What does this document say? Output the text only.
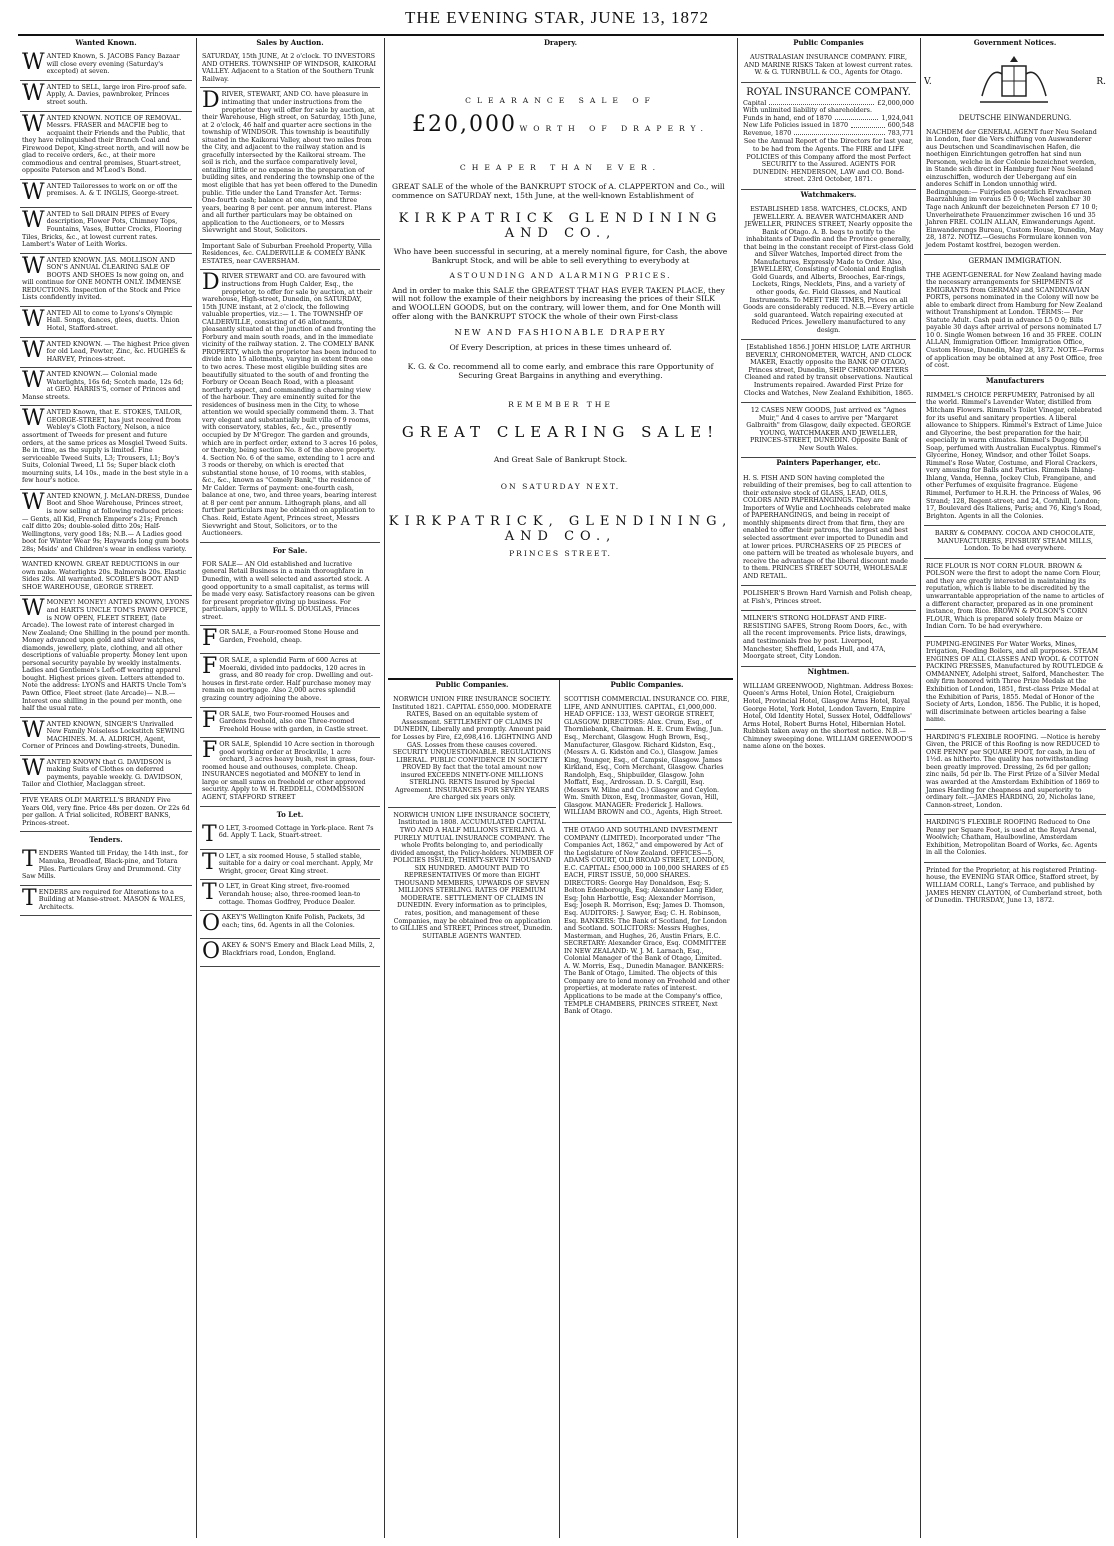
THE EVENING STAR, JUNE 13, 1872
Wanted Known.
WANTED Known, S. JACOBS Fancy Bazaar will close every evening (Saturday's excepted) at seven.
WANTED to SELL, large iron Fire-proof safe. Apply, A. Davies, pawnbroker, Princes street south.
WANTED KNOWN. NOTICE OF REMOVAL. Messrs. FRASER and MACFIE beg to acquaint their Friends and the Public, that they have relinquished their Branch Coal and Firewood Depot, King-street north, and will now be glad to receive orders, &c., at their more commodious and central premises, Stuart-street, opposite Paterson and M'Leod's Bond.
WANTED Tailoresses to work on or off the premises. A. & T. INGLIS, George-street.
WANTED to Sell DRAIN PIPES of Every description, Flower Pots, Chimney Tops, Fountains, Vases, Butter Crocks, Flooring Tiles, Bricks, &c., at lowest current rates. Lambert's Water of Leith Works.
WANTED KNOWN. JAS. MOLLISON AND SON'S ANNUAL CLEARING SALE OF BOOTS AND SHOES Is now going on, and will continue for ONE MONTH ONLY. IMMENSE REDUCTIONS. Inspection of the Stock and Price Lists confidently invited.
WANTED All to come to Lyons's Olympic Hall. Songs, dances, glees, duetts. Union Hotel, Stafford-street.
WANTED KNOWN. — The highest Price given for old Lead, Pewter, Zinc, &c. HUGHES & HARVEY, Princes-street.
WANTED KNOWN.— Colonial made Waterlights, 16s 6d; Scotch made, 12s 6d; at GEO. HARRIS'S, corner of Princes and Manse streets.
WANTED Known, that E. STOKES, TAILOR, GEORGE-STREET, has just received from Webley's Cloth Factory, Nelson, a nice assortment of Tweeds for present and future orders, at the same prices as Mosgiel Tweed Suits. Be in time, as the supply is limited. Fine serviceable Tweed Suits, L3; Trousers, L1; Boy's Suits, Colonial Tweed, L1 5s; Super black cloth mourning suits, L4 10s., made in the best style in a few hour's notice.
WANTED KNOWN, J. McLAN-DRESS, Dundee Boot and Shoe Warehouse, Princes street, is now selling at following reduced prices:— Gents, all Kid, French Emperor's 21s; French calf ditto 20s; double-soled ditto 20s; Half-Wellingtons, very good 18s; N.B.— A Ladies good boot for Winter Wear 9s; Haywards long gum boots 28s; Msids' and Children's wear in endless variety.
WANTED KNOWN. GREAT REDUCTIONS in our own make. Waterlights 20s. Balmorals 20s. Elastic Sides 20s. All warranted. SCOBLE'S BOOT AND SHOE WAREHOUSE, GEORGE STREET.
WMONEY! MONEY! ANTED KNOWN, LYONS and HARTS UNCLE TOM'S PAWN OFFICE, is NOW OPEN, FLEET STREET, (late Arcade). The lowest rate of interest charged in New Zealand; One Shilling in the pound per month. Money advanced upon gold and silver watches, diamonds, jewellery, plate, clothing, and all other descriptions of valuable property. Money lent upon personal security payable by weekly instalments. Ladies and Gentlemen's Left-off wearing apparel bought. Highest prices given. Letters attended to. Note the address: LYONS and HARTS Uncle Tom's Pawn Office, Fleet street (late Arcade)— N.B.—Interest one shilling in the pound per month, one half the usual rate.
WANTED KNOWN, SINGER'S Unrivalled New Family Noiseless Lockstitch SEWING MACHINES. M. A. ALDRICH, Agent, Corner of Princes and Dowling-streets, Dunedin.
WANTED KNOWN that G. DAVIDSON is making Suits of Clothes on deferred payments, payable weekly. G. DAVIDSON, Tailor and Clothier, Maclaggan street.
FIVE YEARS OLD! MARTELL'S BRANDY Five Years Old, very fine. Price 48s per dozen. Or 22s 6d per gallon. A Trial solicited, ROBERT BANKS, Princes-street.
Tenders.
TENDERS Wanted till Friday, the 14th inst., for Manuka, Broadleaf, Black-pine, and Totara Piles. Particulars Gray and Drummond. City Saw Mills.
TENDERS are required for Alterations to a Building at Manse-street. MASON & WALES, Architects.
Sales by Auction.
SATURDAY, 15th JUNE, At 2 o'clock. TO INVESTORS AND OTHERS. TOWNSHIP OF WINDSOR, KAIKORAI VALLEY. Adjacent to a Station of the Southern Trunk Railway.
DRIVER, STEWART, AND CO. have pleasure in intimating that under instructions from the proprietor they will offer for sale by auction, at their Warehouse, High street, on Saturday, 15th June, at 2 o'clock, 46 half and quarter acre sections in the township of WINDSOR. This township is beautifully situated in the Kaikorai Valley, about two miles from the City, and adjacent to the railway station and is gracefully intersected by the Kaikorai stream. The soil is rich, and the surface comparatively level, entailing little or no expense in the preparation of building sites, and rendering the township one of the most eligible that has yet been offered to the Dunedin public. Title under the Land Transfer Act. Terms: One-fourth cash; balance at one, two, and three years, bearing 8 per cent. per annum interest. Plans and all further particulars may be obtained on application to the Auctioneers, or to Messrs Sievwright and Stout, Solicitors.
Important Sale of Suburban Freehold Property, Villa Residences, &c. CALDERVILLE & COMELY BANK ESTATES, near CAVERSHAM.
DRIVER STEWART and CO. are favoured with instructions from Hugh Calder, Esq., the proprietor, to offer for sale by auction, at their warehouse, High-street, Dunedin, on SATURDAY, 15th JUNE instant, at 2 o'clock, the following valuable properties, viz.:— 1. The TOWNSHIP OF CALDERVILLE, consisting of 46 allotments, pleasantly situated at the junction of and fronting the Forbury and main south roads, and in the immediate vicinity of the railway station. 2. The COMELY BANK PROPERTY, which the proprietor has been induced to divide into 15 allotments, varying in extent from one to two acres. These most eligible building sites are beautifully situated to the south of and fronting the Forbury or Ocean Beach Road, with a pleasant northerly aspect, and commanding a charming view of the harbour. They are eminently suited for the residences of business men in the City, to whose attention we would specially commend them. 3. That very elegant and substantially built villa of 9 rooms, with conservatory, stables, &c., &c., presently occupied by Dr M'Gregor. The garden and grounds, which are in perfect order, extend to 3 acres 16 poles, or thereby, being section No. 8 of the above property. 4. Section No. 6 of the same, extending to 1 acre and 3 roods or thereby, on which is erected that substantial stone house, of 10 rooms, with stables, &c., &c., known as "Comely Bank," the residence of Mr Calder. Terms of payment: one-fourth cash, balance at one, two, and three years, bearing interest at 8 per cent per annum. Lithograph plans, and all further particulars may be obtained on application to Chas. Reid, Estate Agent, Princes street, Messrs Sievwright and Stout, Solicitors, or to the Auctioneers.
For Sale.
FOR SALE— AN Old established and lucrative general Retail Business in a main thoroughfare in Dunedin, with a well selected and assorted stock. A good opportunity to a small capitalist, as terms will be made very easy. Satisfactory reasons can be given for present proprietor giving up business. For particulars, apply to WILL S. DOUGLAS, Princes street.
FOR SALE, a Four-roomed Stone House and Garden, Freehold, cheap.
FOR SALE, a splendid Farm of 600 Acres at Moeraki, divided into paddocks, 120 acres in grass, and 80 ready for crop. Dwelling and out-houses in first-rate order. Half purchase money may remain on mortgage. Also 2,000 acres splendid grazing country adjoining the above.
FOR SALE, two Four-roomed Houses and Gardens freehold, also one Three-roomed Freehold House with garden, in Castle street.
FOR SALE, Splendid 10 Acre section in thorough good working order at Brockville, 1 acre orchard, 3 acres heavy bush, rest in grass, four-roomed house and outhouses, complete. Cheap. INSURANCES negotiated and MONEY to lend in large or small sums on freehold or other approved security. Apply to W. H. REDDELL, COMMISSION AGENT, STAFFORD STREET
To Let.
T O LET, 3-roomed Cottage in York-place. Rent 7s 6d. Apply T. Lack, Stuart-street.
T O LET, a six roomed House, 5 stalled stable, suitable for a dairy or coal merchant. Apply, Mr Wright, grocer, Great King street.
T O LET, in Great King street, five-roomed Verandah house; also, three-roomed lean-to cottage. Thomas Godfrey, Produce Dealer.
OAKEY'S Wellington Knife Polish, Packets, 3d each; tins, 6d. Agents in all the Colonies.
OAKEY & SON'S Emery and Black Lead Mills, 2, Blackfriars road, London, England.
Drapery.
CLEARANCE SALE OF
£20,000 WORTH OF DRAPERY.
CHEAPER THAN EVER.

GREAT SALE of the whole of the BANKRUPT STOCK of A. CLAPPERTON and Co., will commence on SATURDAY next, 15th June, at the well-known Establishment of

KIRKPATRICK GLENDINING AND CO.,

Who have been successful in securing, at a merely nominal figure, for Cash, the above Bankrupt Stock, and will be able to sell everything to everybody at

ASTOUNDING AND ALARMING PRICES.

And in order to make this SALE the GREATEST THAT HAS EVER TAKEN PLACE, they will not follow the example of their neighbors by increasing the prices of their SILK and WOOLLEN GOODS, but on the contrary, will lower them, and for One Month will offer along with the BANKRUPT STOCK the whole of their own First-class

NEW AND FASHIONABLE DRAPERY
Of Every Description, at prices in these times unheard of.

K. G. & Co. recommend all to come early, and embrace this rare Opportunity of Securing Great Bargains in anything and everything.

REMEMBER THE
GREAT CLEARING SALE!
And Great Sale of Bankrupt Stock.
ON SATURDAY NEXT.
KIRKPATRICK, GLENDINING, AND CO.,
PRINCES STREET.
Public Companies.

NORWICH UNION FIRE INSURANCE SOCIETY. Instituted 1821. CAPITAL £550,000. MODERATE RATES, Based on an equitable system of Assessment. SETTLEMENT OF CLAIMS IN DUNEDIN, Liberally and promptly. Amount paid for Losses by Fire, £2,698,416. LIGHTNING AND GAS. Losses from these causes covered. SECURITY UNQUESTIONABLE. REGULATIONS LIBERAL. PUBLIC CONFIDENCE IN SOCIETY PROVED By fact that the total amount now insured EXCEEDS NINETY-ONE MILLIONS STERLING. RENTS Insured by Special Agreement. INSURANCES FOR SEVEN YEARS Are charged six years only.

NORWICH UNION LIFE INSURANCE SOCIETY, Instituted in 1808. ACCUMULATED CAPITAL TWO AND A HALF MILLIONS STERLING. A PURELY MUTUAL INSURANCE COMPANY. The whole Profits belonging to, and periodically divided amongst, the Policy-holders. NUMBER OF POLICIES ISSUED, THIRTY-SEVEN THOUSAND SIX HUNDRED. AMOUNT PAID TO REPRESENTATIVES Of more than EIGHT THOUSAND MEMBERS, UPWARDS OF SEVEN MILLIONS STERLING. RATES OF PREMIUM MODERATE. SETTLEMENT OF CLAIMS IN DUNEDIN. Every information as to principles, rates, position, and management of these Companies, may be obtained free on application to GILLIES and STREET, Princes street, Dunedin. SUITABLE AGENTS WANTED.

Public Companies.

SCOTTISH COMMERCIAL INSURANCE CO. FIRE, LIFE, AND ANNUITIES. CAPITAL, £1,000,000. HEAD OFFICE: 133, WEST GEORGE STREET, GLASGOW. DIRECTORS: Alex. Crum, Esq., of Thornliebank, Chairman. H. E. Crum Ewing, Jun. Esq., Merchant, Glasgow. Hugh Brown, Esq., Manufacturer, Glasgow. Richard Kidston, Esq., (Messrs A. G. Kidston and Co.), Glasgow. James King, Younger, Esq., of Campsie, Glasgow. James Kirkland, Esq., Corn Merchant, Glasgow. Charles Randolph, Esq., Shipbuilder, Glasgow. John Moffatt, Esq., Ardrossan. D. S. Cargill, Esq. (Messrs W. Milne and Co.) Glasgow and Ceylon. Wm. Smith Dixon, Esq, Ironmaster, Govan, Hill, Glasgow. MANAGER: Frederick J. Hallows. WILLIAM BROWN and CO., Agents, High Street.

THE OTAGO AND SOUTHLAND INVESTMENT COMPANY (LIMITED). Incorporated under "The Companies Act, 1862," and empowered by Act of the Legislature of New Zealand. OFFICES—5, ADAMS COURT, OLD BROAD STREET, LONDON, E.C. CAPITAL: £500,000 in 100,000 SHARES of £5 EACH, FIRST ISSUE, 50,000 SHARES. DIRECTORS: George Hay Donaldson, Esq; S. Bolton Edenborough, Esq; Alexander Lang Elder, Esq; John Harbottle, Esq; Alexander Morrison, Esq; Joseph R. Morrison, Esq; James D. Thomson, Esq. AUDITORS: J. Sawyer, Esq; C. H. Robinson, Esq. BANKERS: The Bank of Scotland, for London and Scotland. SOLICITORS: Messrs Hughes, Masterman, and Hughes, 26, Austin Friars, E.C. SECRETARY: Alexander Grace, Esq. COMMITTEE IN NEW ZEALAND: W. J. M. Larnach, Esq., Colonial Manager of the Bank of Otago, Limited. A. W. Morris, Esq., Dunedin Manager. BANKERS: The Bank of Otago, Limited. The objects of this Company are to lend money on Freehold and other properties, at moderate rates of interest. Applications to be made at the Company's office, TEMPLE CHAMBERS, PRINCES STREET, Next Bank of Otago.

Public Companies

AUSTRALASIAN INSURANCE COMPANY. FIRE, AND MARINE RISKS Taken at lowest current rates. W. & G. TURNBULL & CO., Agents for Otago.

ROYAL INSURANCE COMPANY.

Capital	£2,000,000
With unlimited liability of shareholders.
Funds in hand, end of 1870	1,924,041
New Life Policies issued in 1870	600,548
Revenue, 1870	783,771

See the Annual Report of the Directors for last year, to be had from the Agents. The FIRE and LIFE POLICIES of this Company afford the most Perfect SECURITY to the Assured. AGENTS FOR DUNEDIN: HENDERSON, LAW and CO. Bond-street. 23rd October, 1871.

Watchmakers.

ESTABLISHED 1858. WATCHES, CLOCKS, AND JEWELLERY. A. BEAVER WATCHMAKER AND JEWELLER, PRINCES STREET, Nearly opposite the Bank of Otago. A. B. begs to notify to the inhabitants of Dunedin and the Province generally, that being in the constant receipt of First-class Gold and Silver Watches, Imported direct from the Manufactures, Expressly Made to Order. Also, JEWELLERY, Consisting of Colonial and English Gold Guards, and Alberts, Brooches, Ear-rings, Lockets, Rings, Necklets, Pins, and a variety of other goods, &c. Field Glasses, and Nautical Instruments. To MEET THE TIMES, Prices on all Goods are considerably reduced. N.B.—Every article sold guaranteed. Watch repairing executed at Reduced Prices. Jewellery manufactured to any design.

[Established 1856.] JOHN HISLOP, LATE ARTHUR BEVERLY, CHRONOMETER, WATCH, AND CLOCK MAKER, Exactly opposite the BANK OF OTAGO, Princes street, Dunedin, SHIP CHRONOMETERS Cleaned and rated by transit observations. Nautical Instruments repaired. Awarded First Prize for Clocks and Watches, New Zealand Exhibition, 1865.

12 CASES NEW GOODS, Just arrived ex "Agnes Muir," And 4 cases to arrive per "Margaret Galbraith" from Glasgow, daily expected. GEORGE YOUNG, WATCHMAKER AND JEWELLER, PRINCES-STREET, DUNEDIN. Opposite Bank of New South Wales.

Painters Paperhanger, etc.

H. S. FISH AND SON having completed the rebuilding of their premises, beg to call attention to their extensive stock of GLASS, LEAD, OILS, COLORS AND PAPERHANGINGS. They are Importers of Wylie and Lochheads celebrated make of PAPERHANGINGS, and being in receipt of monthly shipments direct from that firm, they are enabled to offer their patrons, the largest and best selected assortment ever imported to Dunedin and at lower prices. PURCHASERS OF 25 PIECES of one pattern will be treated as wholesale buyers, and receive the advantage of the liberal discount made to them. PRINCES STREET SOUTH, WHOLESALE AND RETAIL.

POLISHER'S Brown Hard Varnish and Polish cheap, at Fish's, Princes street.

MILNER'S STRONG HOLDFAST AND FIRE-RESISTING SAFES, Strong Room Doors, &c., with all the recent improvements. Price lists, drawings, and testimonials free by post. Liverpool, Manchester, Sheffield, Leeds Hull, and 47A, Moorgate street, City London.

Nightmen.

WILLIAM GREENWOOD, Nightman. Address Boxes: Queen's Arms Hotel, Union Hotel, Craigieburn Hotel, Provincial Hotel, Glasgow Arms Hotel, Royal George Hotel, York Hotel, London Tavern, Empire Hotel, Old Identity Hotel, Sussex Hotel, Oddfellows' Arms Hotel, Robert Burns Hotel, Hibernian Hotel. Rubbish taken away on the shortest notice. N.B.—Chimney sweeping done. WILLIAM GREENWOOD'S name alone on the boxes.

Government Notices.
V.	R.
DEUTSCHE EINWANDERUNG.

NACHDEM der GENERAL AGENT fuer Neu Seeland in London, fuer die Vers chiffung von Auswanderer aus Deutschen und Scandinavischen Hafen, die noethigen Einrichtungen getroffen hat sind nun Personen, welche in der Colonie bezeichnet werden, in Stande sich direct in Hamburg fuer Neu Seeland einzuschiffen, wodurch der Uebergang auf ein anderes Schiff in London unnothig wird. Bedingungen:— Fuirjeden gesetzlich Erwachsenen Baarzahlung im voraus £5 0 0; Wechsel zahlbar 30 Tage nach Ankunft der bezeichneten Person £7 10 0; Unverheirathete Frauenzimmer zwischen 16 und 35 Jahren FREI. COLIN ALLAN, Einwanderungs Agent. Einwanderungs Bureau, Custom House, Dunedin, May 28, 1872. NOTIZ.—Gesuchs Formulare konnen von jedem Postamt kostfrei, bezogen werden.

GERMAN IMMIGRATION.

THE AGENT-GENERAL for New Zealand having made the necessary arrangements for SHIPMENTS of EMIGRANTS from GERMAN and SCANDINAVIAN PORTS, persons nominated in the Colony will now be able to embark direct from Hamburg for New Zealand without Transhipment at London. TERMS:— Per Statute Adult. Cash paid in advance L5 0 0; Bills payable 30 days after arrival of persons nominated L7 10 0. Single Women between 16 and 35 FREE. COLIN ALLAN, Immigration Officer. Immigration Office, Custom House, Dunedin, May 28, 1872. NOTE—Forms of application may be obtained at any Post Office, free of cost.

Manufacturers

RIMMEL'S CHOICE PERFUMERY, Patronised by all the world. Rimmel's Lavender Water, distilled from Mitcham Flowers. Rimmel's Toilet Vinegar, celebrated for its useful and sanitary properties. A liberal allowance to Shippers. Rimmel's Extract of Lime Juice and Glycerine, the best preparation for the hair, especially in warm climates. Rimmel's Dugong Oil Soap, perfumed with Australian Eucalyptus. Rimmel's Glycerine, Honey, Windsor, and other Toilet Soaps. Rimmel's Rose Water, Costume, and Floral Crackers, very amusing for Balls and Parties. Rimmels Ihlang-Ihlang, Vanda, Henna, Jockey Club, Frangipane, and other Perfumes of exquisite fragrance. Eugene Rimmel, Perfumer to H.R.H. the Princess of Wales, 96 Strand; 128, Regent-street; and 24, Cornhill, London; 17, Boulevard des Italiens, Paris; and 76, King's Road, Brighton. Agents in all the Colonies.

BARRY & COMPANY. COCOA AND CHOCOLATE, MANUFACTURERS, FINSBURY STEAM MILLS, London. To be had everywhere.

RICE FLOUR IS NOT CORN FLOUR. BROWN & POLSON were the first to adopt the name Corn Flour, and they are greatly interested in maintaining its reputation, which is liable to be discredited by the unwarrantable appropriation of the name to articles of a different character, prepared as in one prominent instance, from Rice. BROWN & POLSON'S CORN FLOUR, Which is prepared solely from Maize or Indian Corn. To be had everywhere.

PUMPING-ENGINES For Water Works, Mines, Irrigation, Feeding Boilers, and all purposes. STEAM ENGINES OF ALL CLASSES AND WOOL & COTTON PACKING PRESSES, Manufactured by ROUTLEDGE & OMMANNEY, Adelphi street, Salford, Manchester. The only firm honored with Three Prize Medals at the Exhibition of London, 1851, first-class Prize Medal at the Exhibition of Paris, 1855. Medal of Honor of the Society of Arts, London, 1856. The Public, it is hoped, will discriminate between articles bearing a false name.

HARDING'S FLEXIBLE ROOFING. —Notice is hereby Given, the PRICE of this Roofing is now REDUCED to ONE PENNY per SQUARE FOOT, for cash, in lieu of 1½d. as hitherto. The quality has notwithstanding been greatly improved. Dressing, 2s 6d per gallon; zinc nails, 5d per lb. The First Prize of a Silver Medal was awarded at the Amsterdam Exhibition of 1869 to James Harding for cheapness and superiority to ordinary felt.—JAMES HARDING, 20, Nicholas lane, Cannon-street, London.

HARDING'S FLEXIBLE ROOFING Reduced to One Penny per Square Foot, is used at the Royal Arsenal, Woolwich; Chatham, Haulbowline, Amsterdam Exhibition, Metropolitan Board of Works, &c. Agents in all the Colonies.

Printed for the Proprietor, at his registered Printing-house, the EVENING STAR Office, Stafford street, by WILLIAM CORLL, Lang's Terrace, and published by JAMES HENRY CLAYTON, of Cumberland street, both of Dunedin. THURSDAY, June 13, 1872.
